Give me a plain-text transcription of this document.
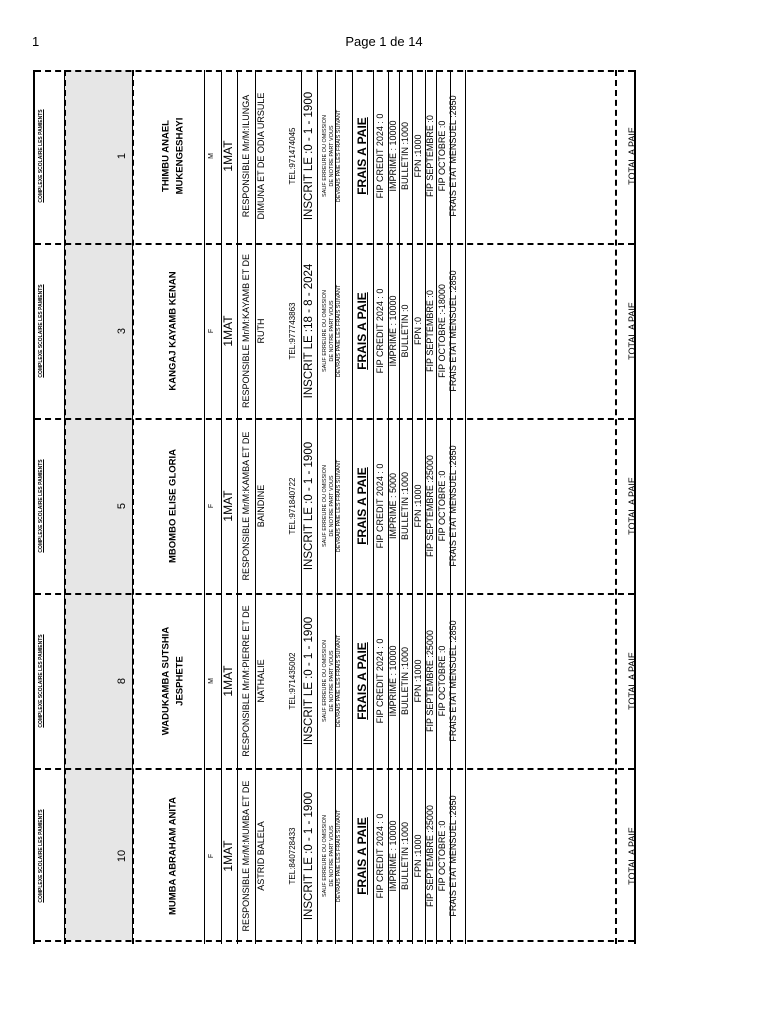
1	Page 1 de 14
COMPLEXE SCOLAIRE LES PAMIENTS	1	THIMBU ANAEL MUKENGESHAYI	M 1MAT RESPONSIBLE Mr/M:ILUNGA DIMUNA ET DE ODIA URSULE	TEL:971474045 INSCRIT LE :0 - 1 - 1900	SAUF ERREURE OU OMISSION DE NOTRE PART VOUS DEVRAIS PAIE LES FRAIS SUIVANT	FRAIS A PAIE FIP CREDIT 2024 : 0 IMPRIME : 10000 BULLETIN :1000 FPN :1000 FIP SEPTEMBRE :0 FIP OCTOBRE :0 FRAIS ETAT MENSUEL :2850	TOTAL A PAIE
COMPLEXE SCOLAIRE LES PAMIENTS	3	KANGAJ KAYAMB KENAN	F 1MAT RESPONSIBLE Mr/M:KAYAMB ET DE RUTH	TEL:977743863 INSCRIT LE :18 - 8 - 2024	SAUF ERREURE OU OMISSION DE NOTRE PART VOUS DEVRAIS PAIE LES FRAIS SUIVANT	FRAIS A PAIE FIP CREDIT 2024 : 0 IMPRIME : 10000 BULLETIN :0 FPN :0 FIP SEPTEMBRE :0 FIP OCTOBRE :-18000 FRAIS ETAT MENSUEL :2850	TOTAL A PAIE
COMPLEXE SCOLAIRE LES PAMIENTS	5	MBOMBO ELISE GLORIA	F 1MAT RESPONSIBLE Mr/M:KAMBA ET DE BAINDINE	TEL:971840722 INSCRIT LE :0 - 1 - 1900	SAUF ERREURE OU OMISSION DE NOTRE PART VOUS DEVRAIS PAIE LES FRAIS SUIVANT	FRAIS A PAIE FIP CREDIT 2024 : 0 IMPRIME : 5000 BULLETIN :1000 FPN :1000 FIP SEPTEMBRE :25000 FIP OCTOBRE :0 FRAIS ETAT MENSUEL :2850	TOTAL A PAIE
COMPLEXE SCOLAIRE LES PAMIENTS	8	WADUKAMBA SUTSHIA JESPHETE	M 1MAT RESPONSIBLE Mr/M:PIERRE ET DE NATHALIE	TEL:971435002 INSCRIT LE :0 - 1 - 1900	SAUF ERREURE OU OMISSION DE NOTRE PART VOUS DEVRAIS PAIE LES FRAIS SUIVANT	FRAIS A PAIE FIP CREDIT 2024 : 0 IMPRIME : 10000 BULLETIN :1000 FPN :1000 FIP SEPTEMBRE :25000 FIP OCTOBRE :0 FRAIS ETAT MENSUEL :2850	TOTAL A PAIE
COMPLEXE SCOLAIRE LES PAMIENTS	10	MUMBA ABRAHAM ANITA	F 1MAT RESPONSIBLE Mr/M:MUMBA ET DE ASTRID BALELA	TEL:840728433 INSCRIT LE :0 - 1 - 1900	SAUF ERREURE OU OMISSION DE NOTRE PART VOUS DEVRAIS PAIE LES FRAIS SUIVANT	FRAIS A PAIE FIP CREDIT 2024 : 0 IMPRIME : 10000 BULLETIN :1000 FPN :1000 FIP SEPTEMBRE :25000 FIP OCTOBRE :0 FRAIS ETAT MENSUEL :2850	TOTAL A PAIE
